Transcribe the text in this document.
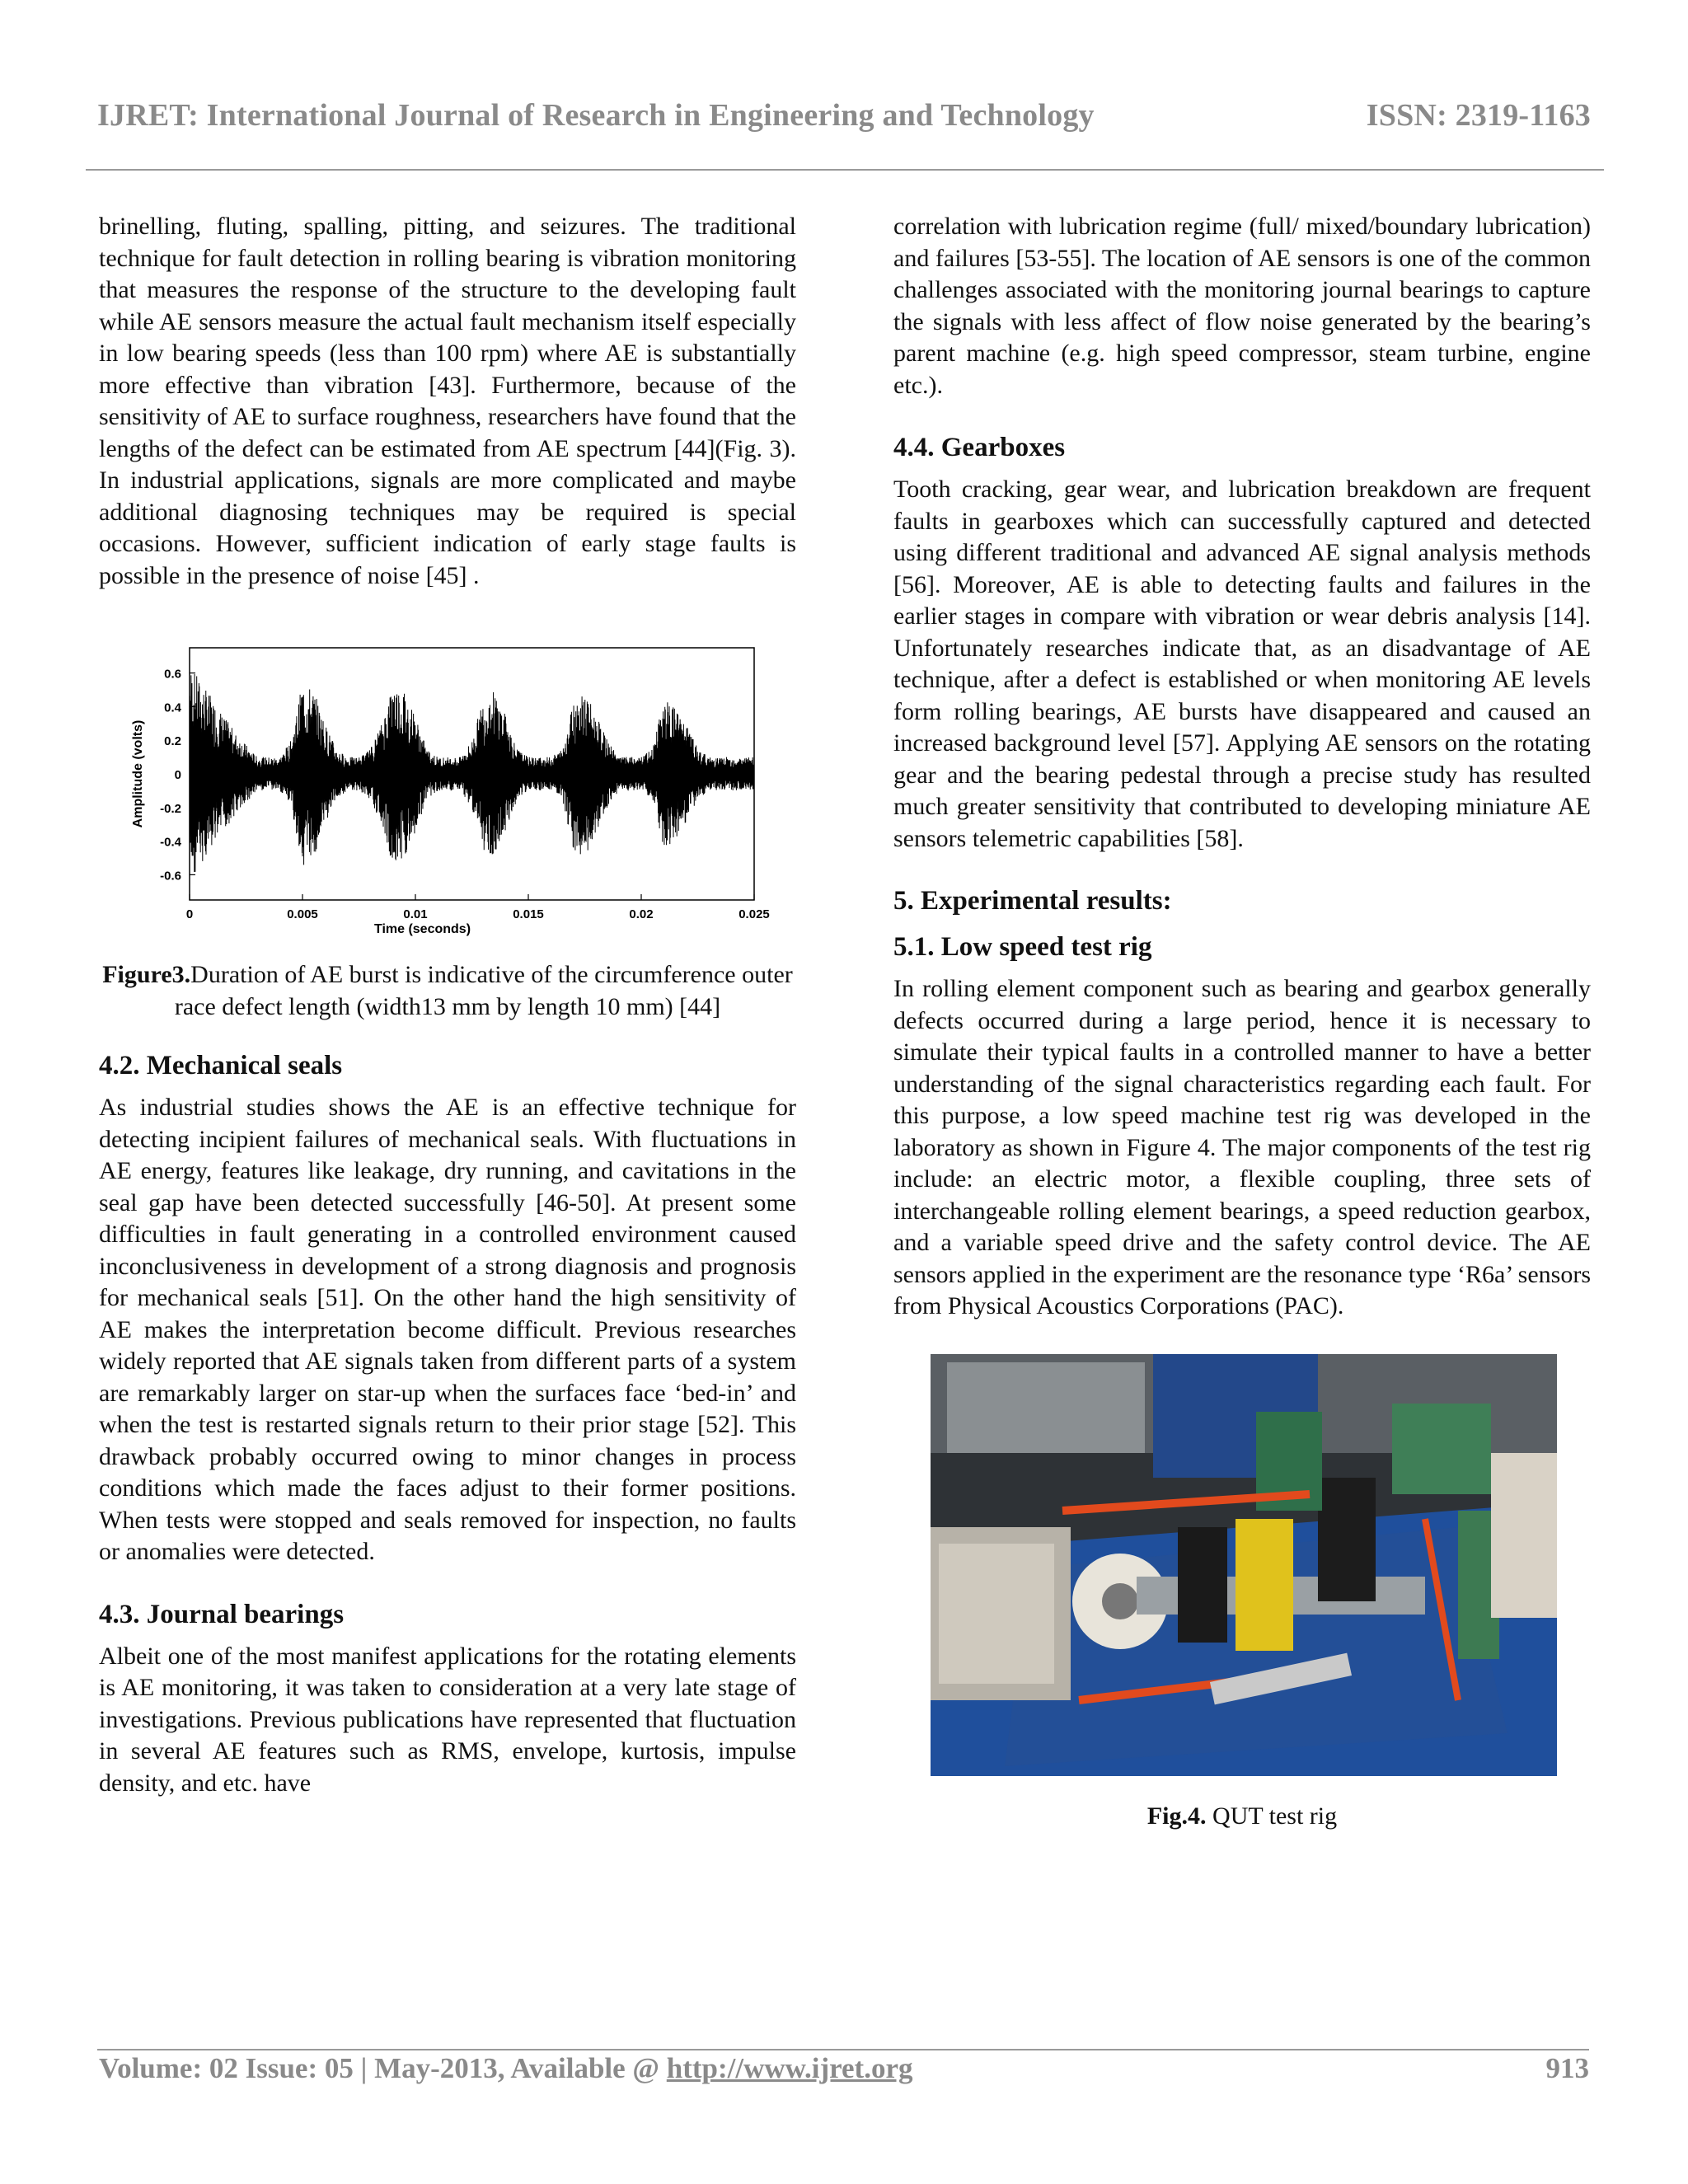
IJRET: International Journal of Research in Engineering and Technology	ISSN: 2319-1163

brinelling, fluting, spalling, pitting, and seizures. The traditional technique for fault detection in rolling bearing is vibration monitoring that measures the response of the structure to the developing fault while AE sensors measure the actual fault mechanism itself especially in low bearing speeds (less than 100 rpm) where AE is substantially more effective than vibration [43]. Furthermore, because of the sensitivity of AE to surface roughness, researchers have found that the lengths of the defect can be estimated from AE spectrum [44](Fig. 3). In industrial applications, signals are more complicated and maybe additional diagnosing techniques may be required is special occasions. However, sufficient indication of early stage faults is possible in the presence of noise [45] .

0.6
0.4
0.2
0
-0.2
-0.4
-0.6
0	0.005	0.01	0.015	0.02	0.025
Time (seconds)
Amplitude (volts)
Figure3.Duration of AE burst is indicative of the circumference outer race defect length (width13 mm by length 10 mm) [44]
4.2. Mechanical seals

As industrial studies shows the AE is an effective technique for detecting incipient failures of mechanical seals. With fluctuations in AE energy, features like leakage, dry running, and cavitations in the seal gap have been detected successfully [46-50]. At present some difficulties in fault generating in a controlled environment caused inconclusiveness in development of a strong diagnosis and prognosis for mechanical seals [51]. On the other hand the high sensitivity of AE makes the interpretation become difficult. Previous researches widely reported that AE signals taken from different parts of a system are remarkably larger on star-up when the surfaces face ‘bed-in’ and when the test is restarted signals return to their prior stage [52]. This drawback probably occurred owing to minor changes in process conditions which made the faces adjust to their former positions. When tests were stopped and seals removed for inspection, no faults or anomalies were detected.

4.3. Journal bearings

Albeit one of the most manifest applications for the rotating elements is AE monitoring, it was taken to consideration at a very late stage of investigations. Previous publications have represented that fluctuation in several AE features such as RMS, envelope, kurtosis, impulse density, and etc. have

correlation with lubrication regime (full/ mixed/boundary lubrication) and failures [53-55]. The location of AE sensors is one of the common challenges associated with the monitoring journal bearings to capture the signals with less affect of flow noise generated by the bearing’s parent machine (e.g. high speed compressor, steam turbine, engine etc.).

4.4. Gearboxes

Tooth cracking, gear wear, and lubrication breakdown are frequent faults in gearboxes which can successfully captured and detected using different traditional and advanced AE signal analysis methods [56]. Moreover, AE is able to detecting faults and failures in the earlier stages in compare with vibration or wear debris analysis [14]. Unfortunately researches indicate that, as an disadvantage of AE technique, after a defect is established or when monitoring AE levels form rolling bearings, AE bursts have disappeared and caused an increased background level [57]. Applying AE sensors on the rotating gear and the bearing pedestal through a precise study has resulted much greater sensitivity that contributed to developing miniature AE sensors telemetric capabilities [58].

5. Experimental results:
5.1. Low speed test rig

In rolling element component such as bearing and gearbox generally defects occurred during a large period, hence it is necessary to simulate their typical faults in a controlled manner to have a better understanding of the signal characteristics regarding each fault. For this purpose, a low speed machine test rig was developed in the laboratory as shown in Figure 4. The major components of the test rig include: an electric motor, a flexible coupling, three sets of interchangeable rolling element bearings, a speed reduction gearbox, and a variable speed drive and the safety control device. The AE sensors applied in the experiment are the resonance type ‘R6a’ sensors from Physical Acoustics Corporations (PAC).

Fig.4. QUT test rig
Volume: 02 Issue: 05 | May-2013, Available @ http://www.ijret.org	913
